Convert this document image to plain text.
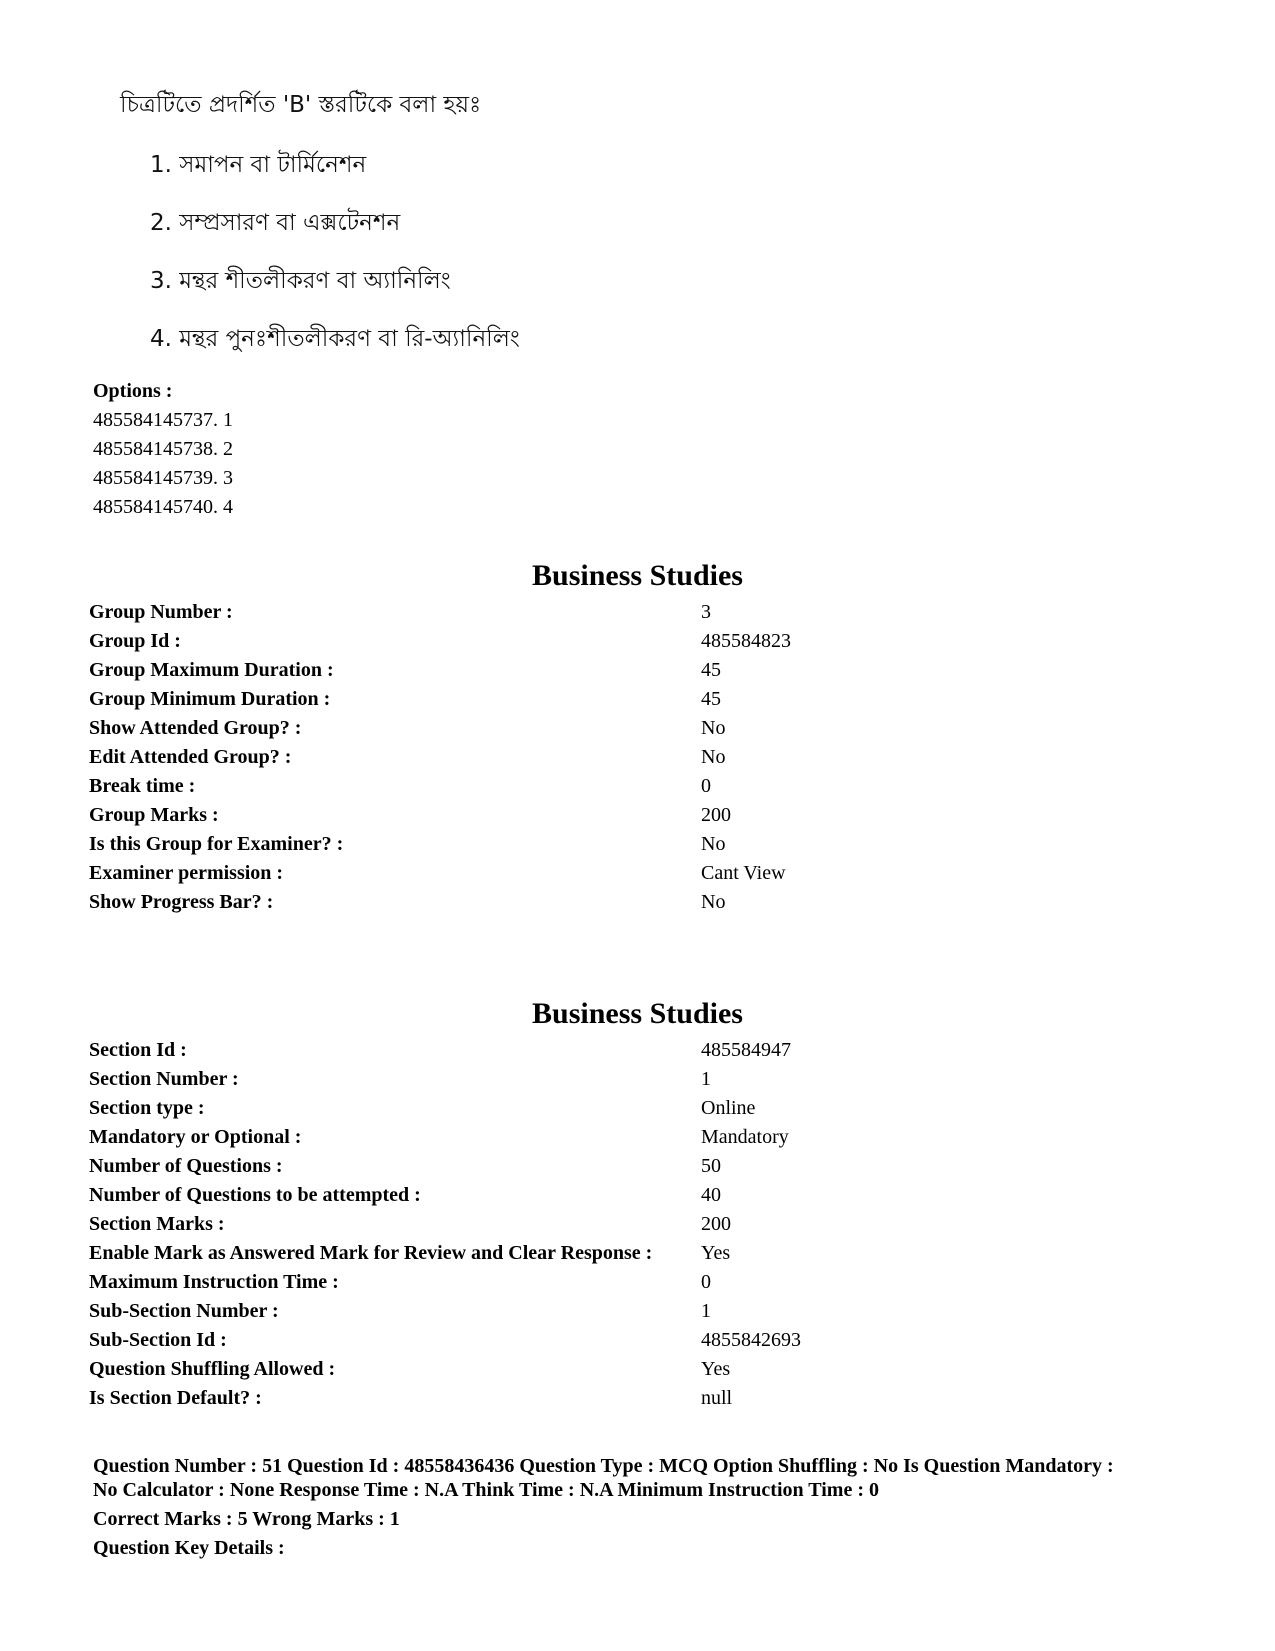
চিত্রটিতে প্রদর্শিত 'B' স্তরটিকে বলা হয়ঃ
1. সমাপন বা টার্মিনেশন
2. সম্প্রসারণ বা এক্সটেনশন
3. মন্থর শীতলীকরণ বা অ্যানিলিং
4. মন্থর পুনঃশীতলীকরণ বা রি-অ্যানিলিং
Options :
485584145737. 1
485584145738. 2
485584145739. 3
485584145740. 4
Business Studies
Group Number :	3
Group Id :	485584823
Group Maximum Duration :	45
Group Minimum Duration :	45
Show Attended Group? :	No
Edit Attended Group? :	No
Break time :	0
Group Marks :	200
Is this Group for Examiner? :	No
Examiner permission :	Cant View
Show Progress Bar? :	No
Business Studies
Section Id :	485584947
Section Number :	1
Section type :	Online
Mandatory or Optional :	Mandatory
Number of Questions :	50
Number of Questions to be attempted :	40
Section Marks :	200
Enable Mark as Answered Mark for Review and Clear Response : Yes
Maximum Instruction Time :	0
Sub-Section Number :	1
Sub-Section Id :	4855842693
Question Shuffling Allowed :	Yes
Is Section Default? :	null
Question Number : 51 Question Id : 48558436436 Question Type : MCQ Option Shuffling : No Is Question Mandatory :
No Calculator : None Response Time : N.A Think Time : N.A Minimum Instruction Time : 0
Correct Marks : 5 Wrong Marks : 1
Question Key Details :
